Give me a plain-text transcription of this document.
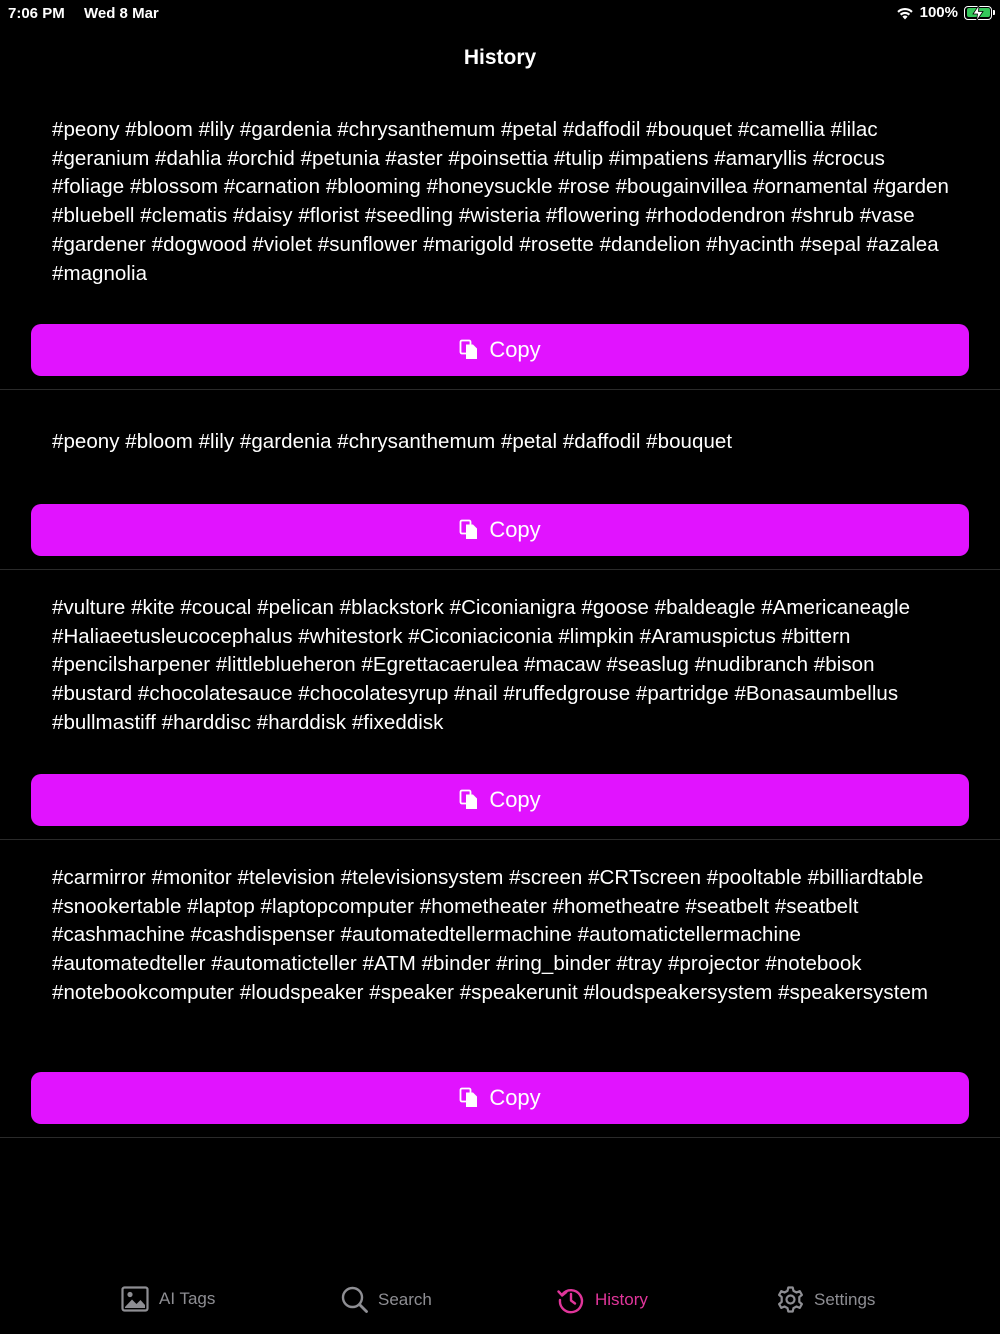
7:06 PM Wed 8 Mar	100%
History
#peony #bloom #lily #gardenia #chrysanthemum #petal #daffodil #bouquet #camellia #lilac #geranium #dahlia #orchid #petunia #aster #poinsettia #tulip #impatiens #amaryllis #crocus #foliage #blossom #carnation #blooming #honeysuckle #rose #bougainvillea #ornamental #garden #bluebell #clematis #daisy #florist #seedling #wisteria #flowering #rhododendron #shrub #vase #gardener #dogwood #violet #sunflower #marigold #rosette #dandelion #hyacinth #sepal #azalea #magnolia
Copy
#peony #bloom #lily #gardenia #chrysanthemum #petal #daffodil #bouquet
Copy
#vulture #kite #coucal #pelican #blackstork #Ciconianigra #goose #baldeagle #Americaneagle #Haliaeetusleucocephalus #whitestork #Ciconiaciconia #limpkin #Aramuspictus #bittern #pencilsharpener #littleblueheron #Egrettacaerulea #macaw #seaslug #nudibranch #bison #bustard #chocolatesauce #chocolatesyrup #nail #ruffedgrouse #partridge #Bonasaumbellus #bullmastiff #harddisc #harddisk #fixeddisk
Copy
#carmirror #monitor #television #televisionsystem #screen #CRTscreen #pooltable #billiardtable #snookertable #laptop #laptopcomputer #hometheater #hometheatre #seatbelt #seatbelt #cashmachine #cashdispenser #automatedtellermachine #automatictellermachine #automatedteller #automaticteller #ATM #binder #ring_binder #tray #projector #notebook #notebookcomputer #loudspeaker #speaker #speakerunit #loudspeakersystem #speakersystem
Copy
AI Tags	Search	History	Settings
